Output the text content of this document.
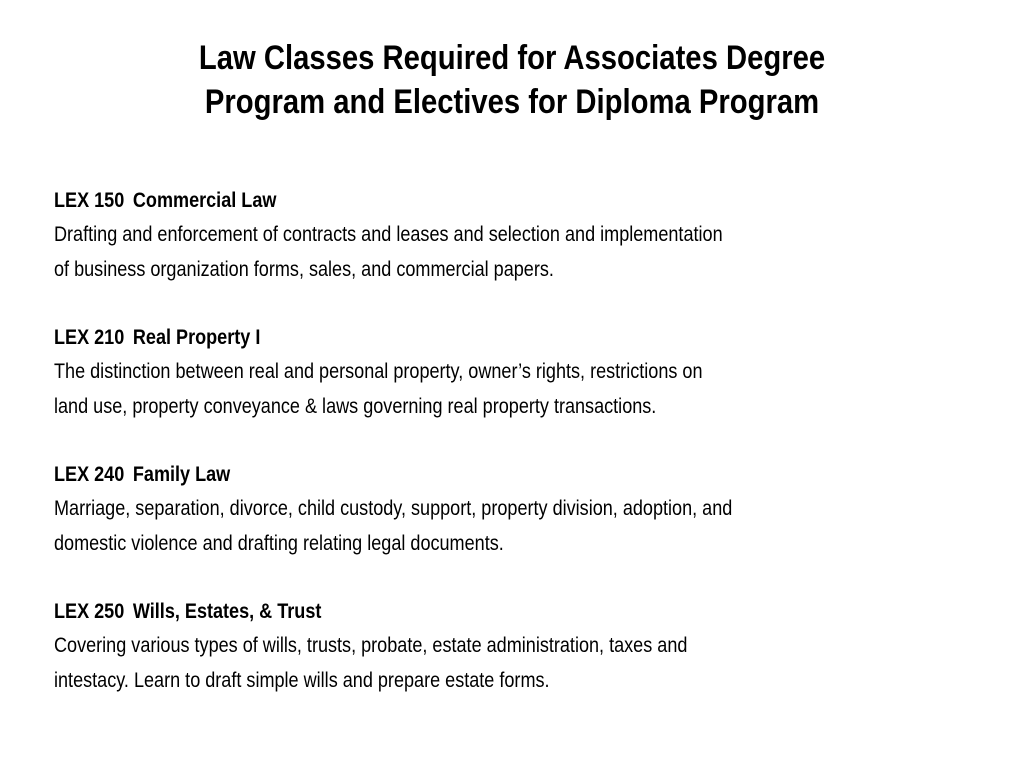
Law Classes Required for Associates Degree
Program and Electives for Diploma Program
LEX 150 Commercial Law
Drafting and enforcement of contracts and leases and selection and implementation
of business organization forms, sales, and commercial papers.
LEX 210 Real Property I
The distinction between real and personal property, owner’s rights, restrictions on
land use, property conveyance & laws governing real property transactions.
LEX 240 Family Law
Marriage, separation, divorce, child custody, support, property division, adoption, and
domestic violence and drafting relating legal documents.
LEX 250 Wills, Estates, & Trust
Covering various types of wills, trusts, probate, estate administration, taxes and
intestacy. Learn to draft simple wills and prepare estate forms.
